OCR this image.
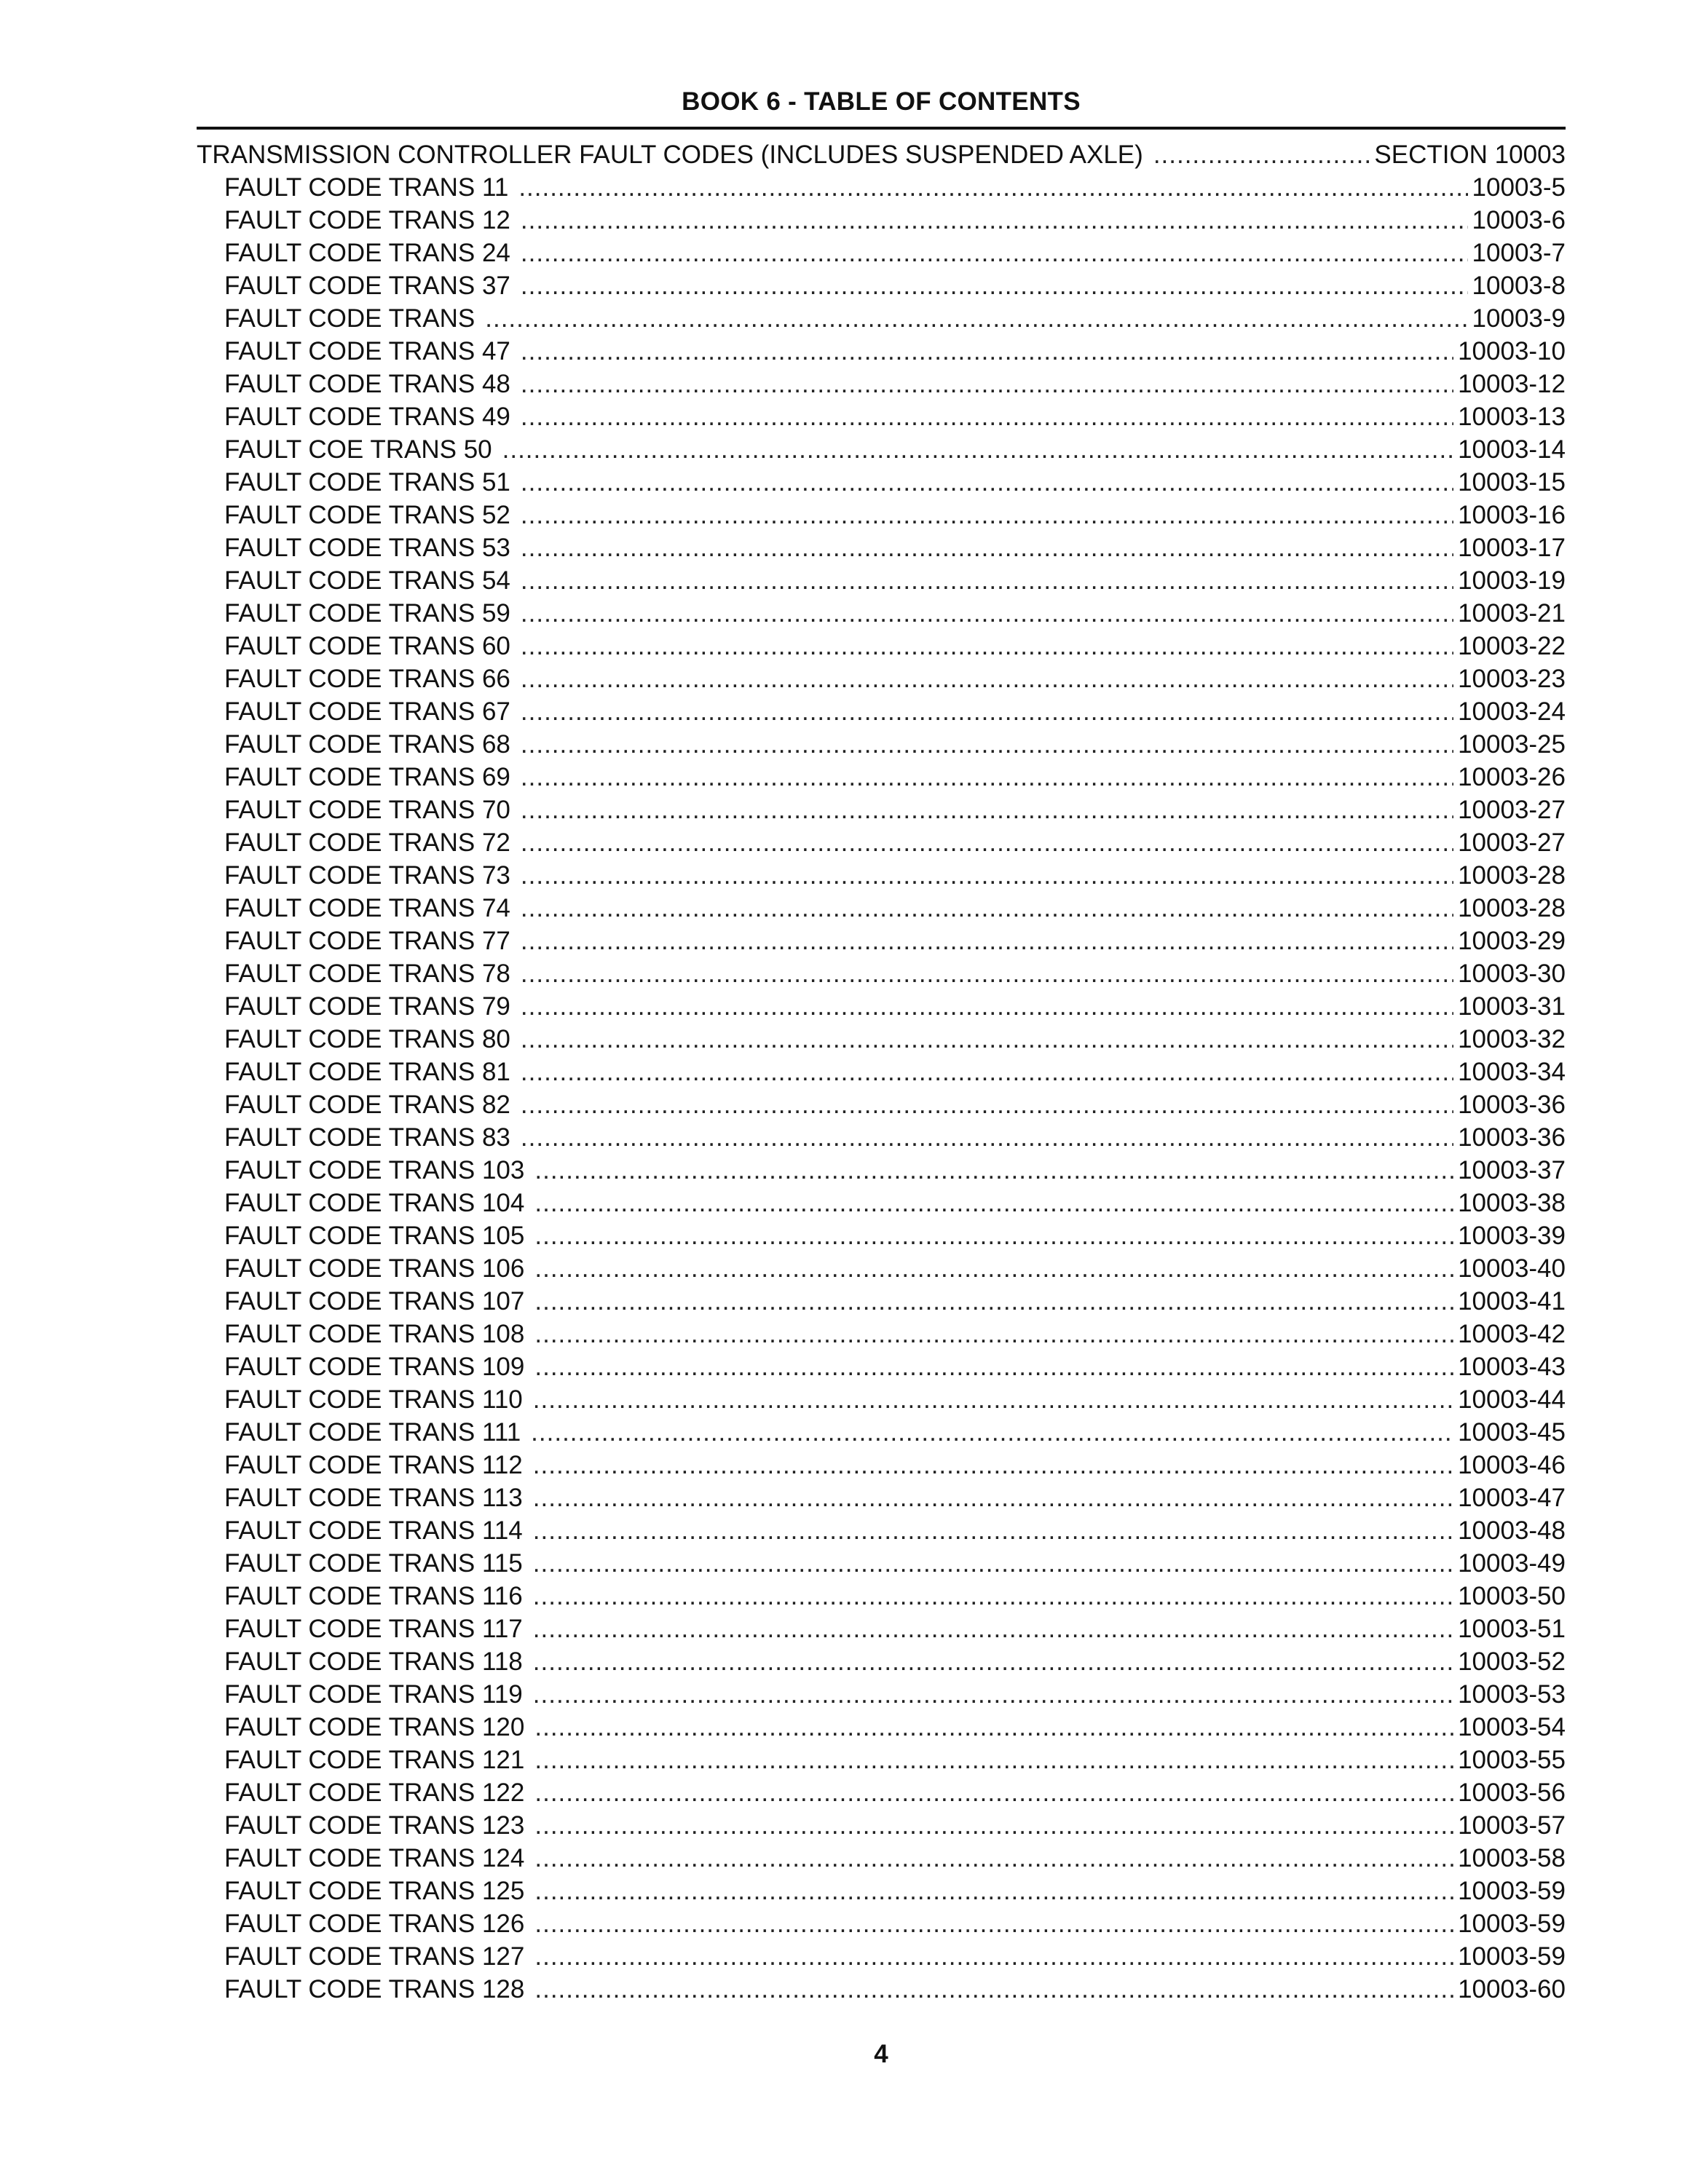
BOOK 6 - TABLE OF CONTENTS
TRANSMISSION CONTROLLER FAULT CODES (INCLUDES SUSPENDED AXLE) .....	SECTION 10003
FAULT CODE TRANS 11 .....	10003-5
FAULT CODE TRANS 12 .....	10003-6
FAULT CODE TRANS 24 .....	10003-7
FAULT CODE TRANS 37 .....	10003-8
FAULT CODE TRANS .....	10003-9
FAULT CODE TRANS 47 .....	10003-10
FAULT CODE TRANS 48 .....	10003-12
FAULT CODE TRANS 49 .....	10003-13
FAULT COE TRANS 50 .....	10003-14
FAULT CODE TRANS 51 .....	10003-15
FAULT CODE TRANS 52 .....	10003-16
FAULT CODE TRANS 53 .....	10003-17
FAULT CODE TRANS 54 .....	10003-19
FAULT CODE TRANS 59 .....	10003-21
FAULT CODE TRANS 60 .....	10003-22
FAULT CODE TRANS 66 .....	10003-23
FAULT CODE TRANS 67 .....	10003-24
FAULT CODE TRANS 68 .....	10003-25
FAULT CODE TRANS 69 .....	10003-26
FAULT CODE TRANS 70 .....	10003-27
FAULT CODE TRANS 72 .....	10003-27
FAULT CODE TRANS 73 .....	10003-28
FAULT CODE TRANS 74 .....	10003-28
FAULT CODE TRANS 77 .....	10003-29
FAULT CODE TRANS 78 .....	10003-30
FAULT CODE TRANS 79 .....	10003-31
FAULT CODE TRANS 80 .....	10003-32
FAULT CODE TRANS 81 .....	10003-34
FAULT CODE TRANS 82 .....	10003-36
FAULT CODE TRANS 83 .....	10003-36
FAULT CODE TRANS 103 .....	10003-37
FAULT CODE TRANS 104 .....	10003-38
FAULT CODE TRANS 105 .....	10003-39
FAULT CODE TRANS 106 .....	10003-40
FAULT CODE TRANS 107 .....	10003-41
FAULT CODE TRANS 108 .....	10003-42
FAULT CODE TRANS 109 .....	10003-43
FAULT CODE TRANS 110 .....	10003-44
FAULT CODE TRANS 111 .....	10003-45
FAULT CODE TRANS 112 .....	10003-46
FAULT CODE TRANS 113 .....	10003-47
FAULT CODE TRANS 114 .....	10003-48
FAULT CODE TRANS 115 .....	10003-49
FAULT CODE TRANS 116 .....	10003-50
FAULT CODE TRANS 117 .....	10003-51
FAULT CODE TRANS 118 .....	10003-52
FAULT CODE TRANS 119 .....	10003-53
FAULT CODE TRANS 120 .....	10003-54
FAULT CODE TRANS 121 .....	10003-55
FAULT CODE TRANS 122 .....	10003-56
FAULT CODE TRANS 123 .....	10003-57
FAULT CODE TRANS 124 .....	10003-58
FAULT CODE TRANS 125 .....	10003-59
FAULT CODE TRANS 126 .....	10003-59
FAULT CODE TRANS 127 .....	10003-59
FAULT CODE TRANS 128 .....	10003-60
4
